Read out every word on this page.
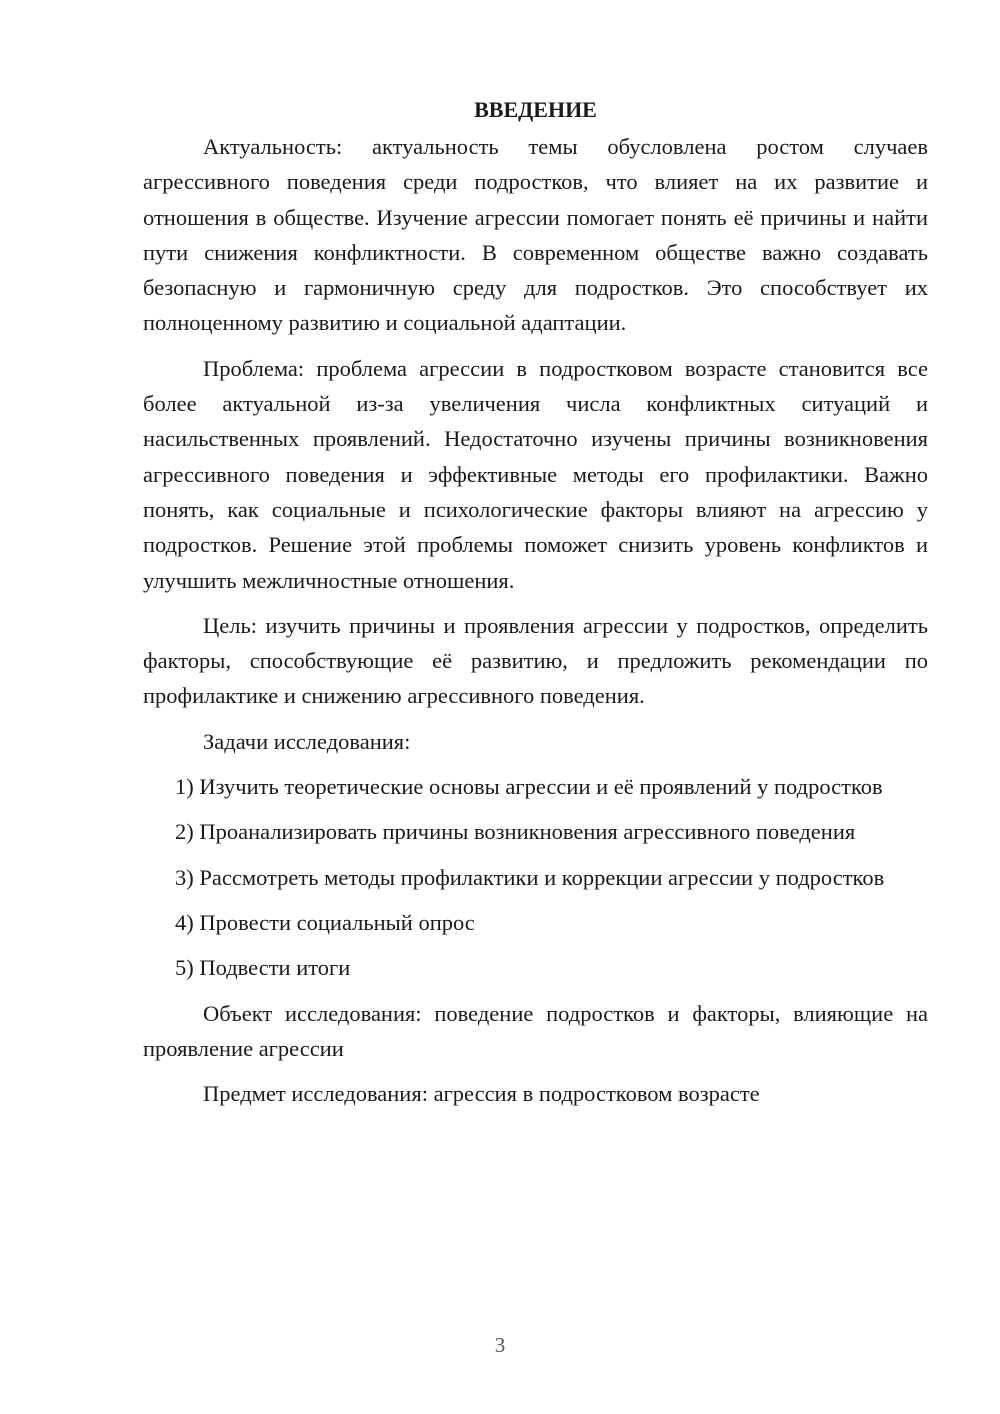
ВВЕДЕНИЕ

Актуальность: актуальность темы обусловлена ростом случаев агрессивного поведения среди подростков, что влияет на их развитие и отношения в обществе. Изучение агрессии помогает понять её причины и найти пути снижения конфликтности. В современном обществе важно создавать безопасную и гармоничную среду для подростков. Это способствует их полноценному развитию и социальной адаптации.

Проблема: проблема агрессии в подростковом возрасте становится все более актуальной из-за увеличения числа конфликтных ситуаций и насильственных проявлений. Недостаточно изучены причины возникновения агрессивного поведения и эффективные методы его профилактики. Важно понять, как социальные и психологические факторы влияют на агрессию у подростков. Решение этой проблемы поможет снизить уровень конфликтов и улучшить межличностные отношения.

Цель: изучить причины и проявления агрессии у подростков, определить факторы, способствующие её развитию, и предложить рекомендации по профилактике и снижению агрессивного поведения.

Задачи исследования:

1) Изучить теоретические основы агрессии и её проявлений у подростков

2) Проанализировать причины возникновения агрессивного поведения

3) Рассмотреть методы профилактики и коррекции агрессии у подростков

4) Провести социальный опрос

5) Подвести итоги

Объект исследования: поведение подростков и факторы, влияющие на проявление агрессии

Предмет исследования: агрессия в подростковом возрасте

3
